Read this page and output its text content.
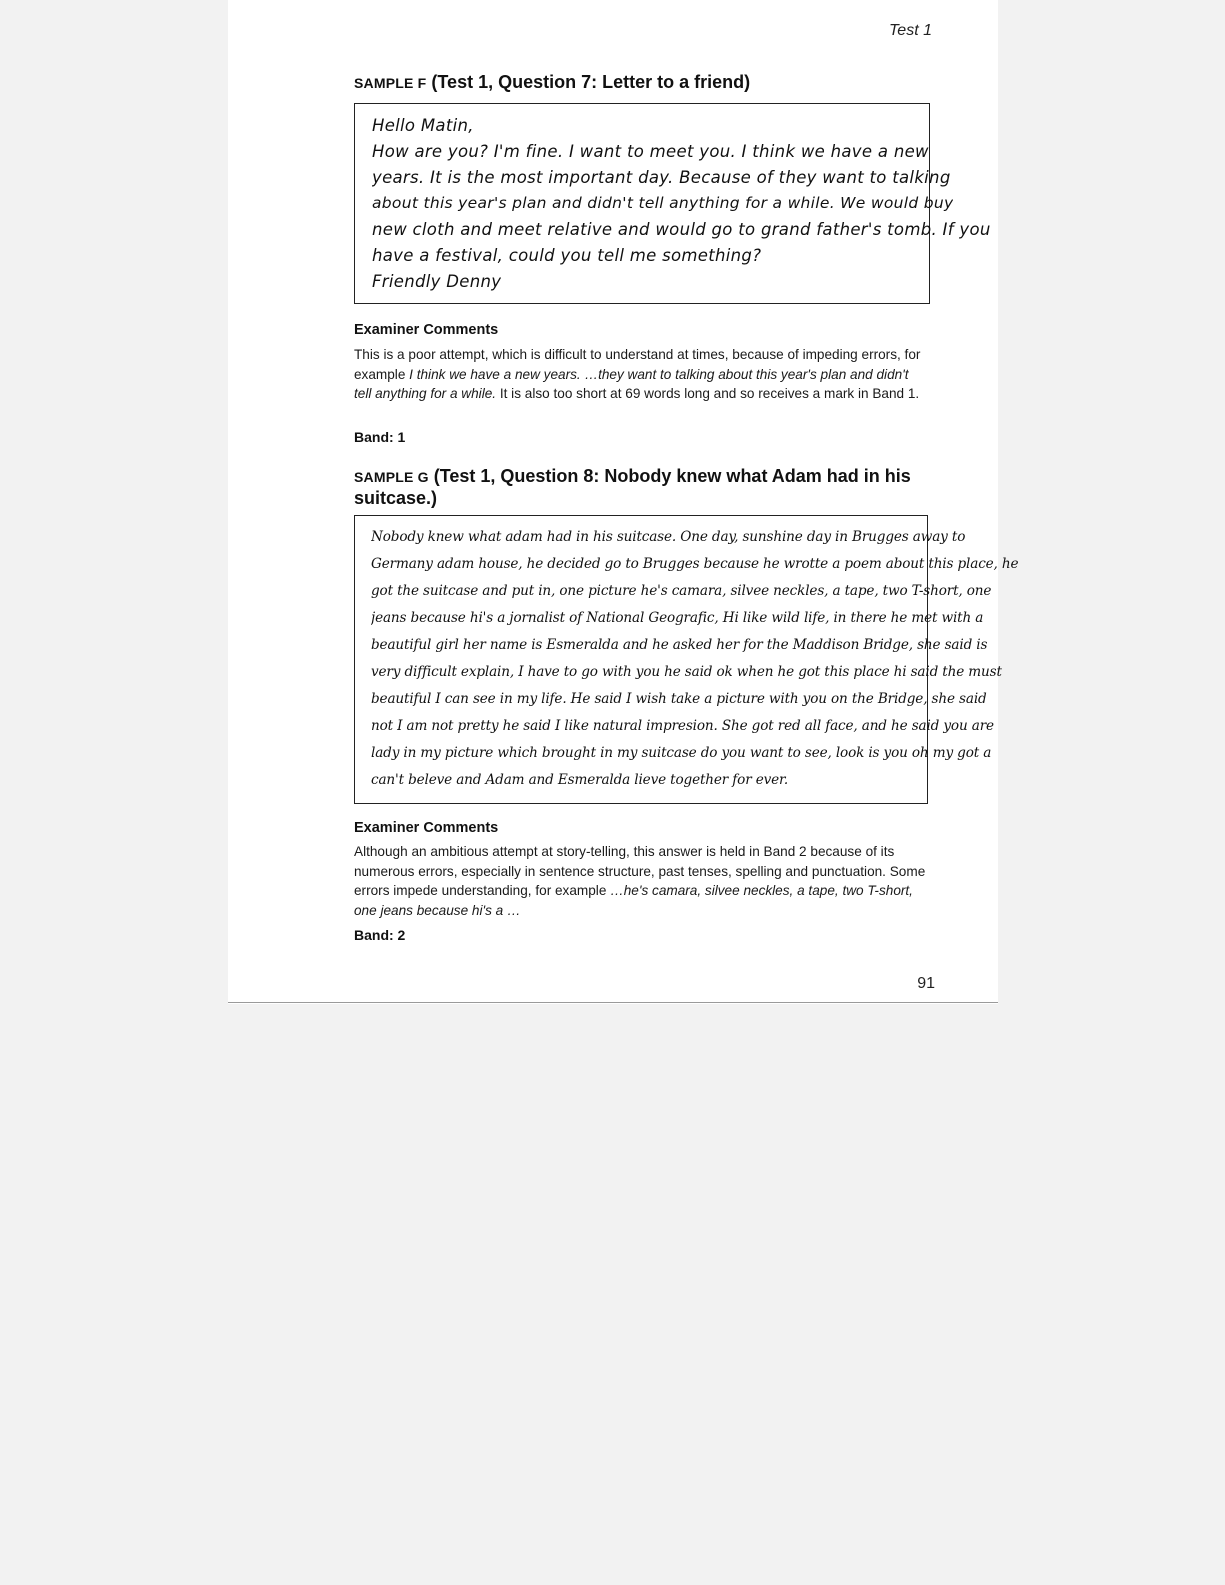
Test 1
SAMPLE F (Test 1, Question 7: Letter to a friend)
Hello Matin,
How are you? I'm fine. I want to meet you. I think we have a new
years. It is the most important day. Because of they want to talking
about this year's plan and didn't tell anything for a while. We would buy
new cloth and meet relative and would go to grand father's tomb. If you
have a festival, could you tell me something?
Friendly Denny
Examiner Comments
This is a poor attempt, which is difficult to understand at times, because of impeding errors, for example I think we have a new years. …they want to talking about this year's plan and didn't tell anything for a while. It is also too short at 69 words long and so receives a mark in Band 1.
Band: 1
SAMPLE G (Test 1, Question 8: Nobody knew what Adam had in his suitcase.)
Nobody knew what adam had in his suitcase. One day, sunshine day in Brugges away to
Germany adam house, he decided go to Brugges because he wrotte a poem about this place, he
got the suitcase and put in, one picture he's camara, silvee neckles, a tape, two T-short, one
jeans because hi's a jornalist of National Geografic, Hi like wild life, in there he met with a
beautiful girl her name is Esmeralda and he asked her for the Maddison Bridge, she said is
very difficult explain, I have to go with you he said ok when he got this place hi said the must
beautiful I can see in my life. He said I wish take a picture with you on the Bridge, she said
not I am not pretty he said I like natural impresion. She got red all face, and he said you are
lady in my picture which brought in my suitcase do you want to see, look is you oh my got a
can't beleve and Adam and Esmeralda lieve together for ever.
Examiner Comments
Although an ambitious attempt at story-telling, this answer is held in Band 2 because of its numerous errors, especially in sentence structure, past tenses, spelling and punctuation. Some errors impede understanding, for example …he's camara, silvee neckles, a tape, two T-short, one jeans because hi's a …
Band: 2
91
